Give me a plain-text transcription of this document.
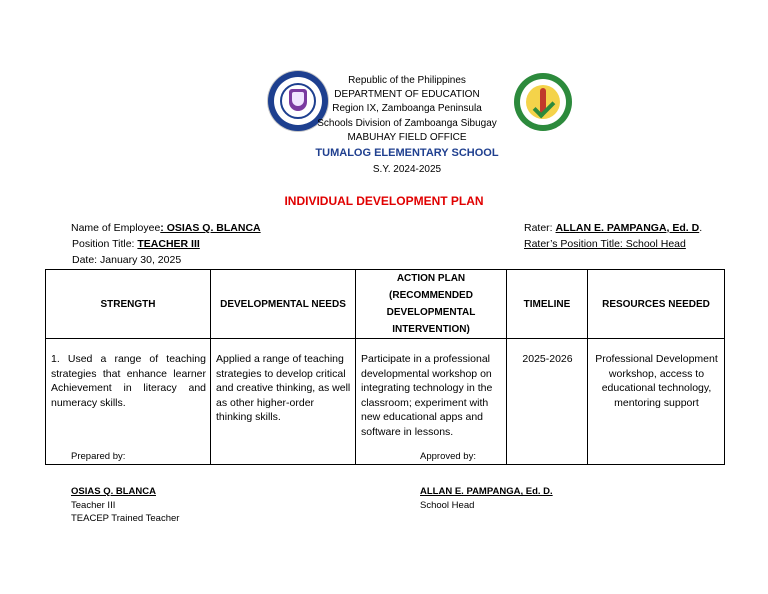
Republic of the Philippines
DEPARTMENT OF EDUCATION
Region IX, Zamboanga Peninsula
Schools Division of Zamboanga Sibugay
MABUHAY FIELD OFFICE
TUMALOG ELEMENTARY SCHOOL
S.Y. 2024-2025
INDIVIDUAL DEVELOPMENT PLAN
Name of Employee: OSIAS Q. BLANCA
Position Title: TEACHER III
Date: January 30, 2025
Rater: ALLAN E. PAMPANGA, Ed. D.
Rater’s Position Title: School Head
STRENGTH	DEVELOPMENTAL NEEDS	ACTION PLAN
(RECOMMENDED
DEVELOPMENTAL
INTERVENTION)	TIMELINE	RESOURCES NEEDED
1. Used a range of teaching strategies that enhance learner Achievement in literacy and numeracy skills.	Applied a range of teaching strategies to develop critical and creative thinking, as well as other higher-order thinking skills.	Participate in a professional developmental workshop on integrating technology in the classroom; experiment with new educational apps and software in lessons.	2025-2026	Professional Development workshop, access to educational technology, mentoring support
Prepared by:
OSIAS Q. BLANCA
Teacher III
TEACEP Trained Teacher
Approved by:
ALLAN E. PAMPANGA, Ed. D.
School Head
